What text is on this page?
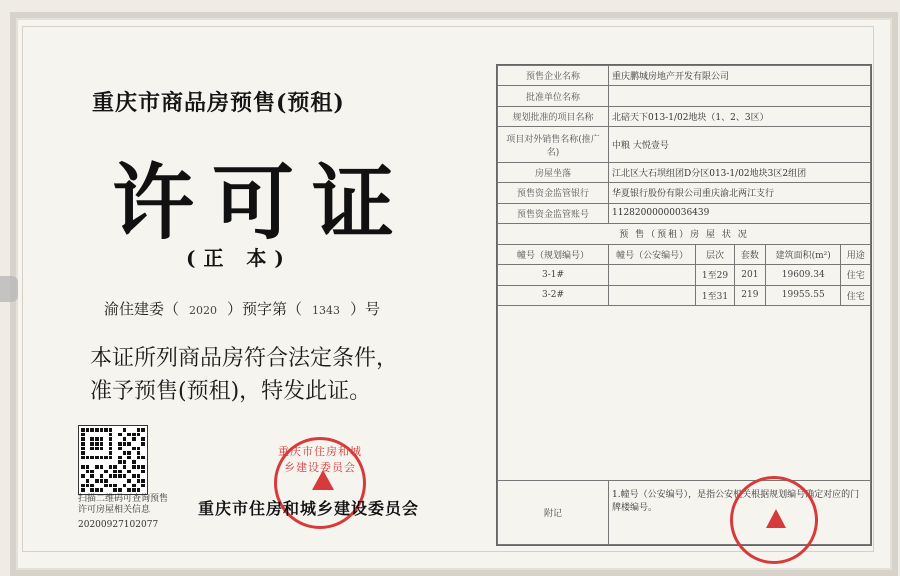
重庆市商品房预售(预租)
许可证
(正 本)
渝住建委（ 2020 ）预字第（ 1343 ）号
本证所列商品房符合法定条件，准予预售(预租)，特发此证。
扫描二维码可查询预售许可房屋相关信息
20200927102077
重庆市住房和城乡建设委员会
重庆市住房和城乡建设委员会
预售企业名称	重庆鹏城房地产开发有限公司				
批准单位名称					
规划批准的项目名称	北碚天下013-1/02地块（1、2、3区）				
项目对外销售名称(推广名)	中粮 大悦壹号				
房屋坐落	江北区大石坝组团D分区013-1/02地块3区2组团				
预售资金监管银行	华夏银行股份有限公司重庆渝北两江支行				
预售资金监管账号	11282000000036439				
预 售（预租）房 屋 状 况					
幢号（规划编号）	幢号（公安编号）	层次	套数	建筑面积(m²)	用途
3-1#		1至29	201	19609.34	住宅
3-2#		1至31	219	19955.55	住宅

附记	1.幢号（公安编号），是指公安机关根据规划编号确定对应的门牌楼编号。				
